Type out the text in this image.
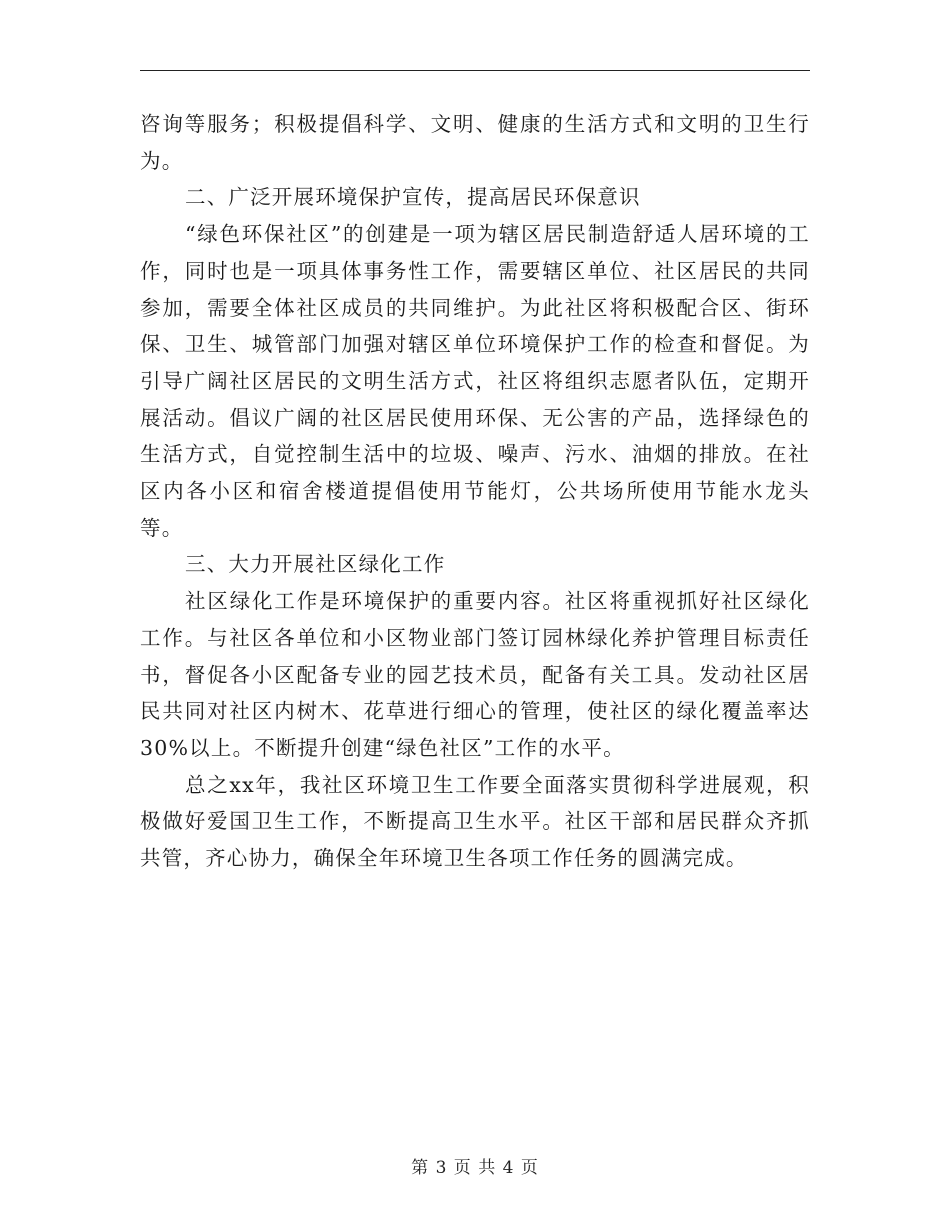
咨询等服务；积极提倡科学、文明、健康的生活方式和文明的卫生行为。

二、广泛开展环境保护宣传，提高居民环保意识

“绿色环保社区”的创建是一项为辖区居民制造舒适人居环境的工作，同时也是一项具体事务性工作，需要辖区单位、社区居民的共同参加，需要全体社区成员的共同维护。为此社区将积极配合区、街环保、卫生、城管部门加强对辖区单位环境保护工作的检查和督促。为引导广阔社区居民的文明生活方式，社区将组织志愿者队伍，定期开展活动。倡议广阔的社区居民使用环保、无公害的产品，选择绿色的生活方式，自觉控制生活中的垃圾、噪声、污水、油烟的排放。在社区内各小区和宿舍楼道提倡使用节能灯，公共场所使用节能水龙头等。

三、大力开展社区绿化工作

社区绿化工作是环境保护的重要内容。社区将重视抓好社区绿化工作。与社区各单位和小区物业部门签订园林绿化养护管理目标责任书，督促各小区配备专业的园艺技术员，配备有关工具。发动社区居民共同对社区内树木、花草进行细心的管理，使社区的绿化覆盖率达30%以上。不断提升创建“绿色社区”工作的水平。

总之xx年，我社区环境卫生工作要全面落实贯彻科学进展观，积极做好爱国卫生工作，不断提高卫生水平。社区干部和居民群众齐抓共管，齐心协力，确保全年环境卫生各项工作任务的圆满完成。

第 3 页 共 4 页
